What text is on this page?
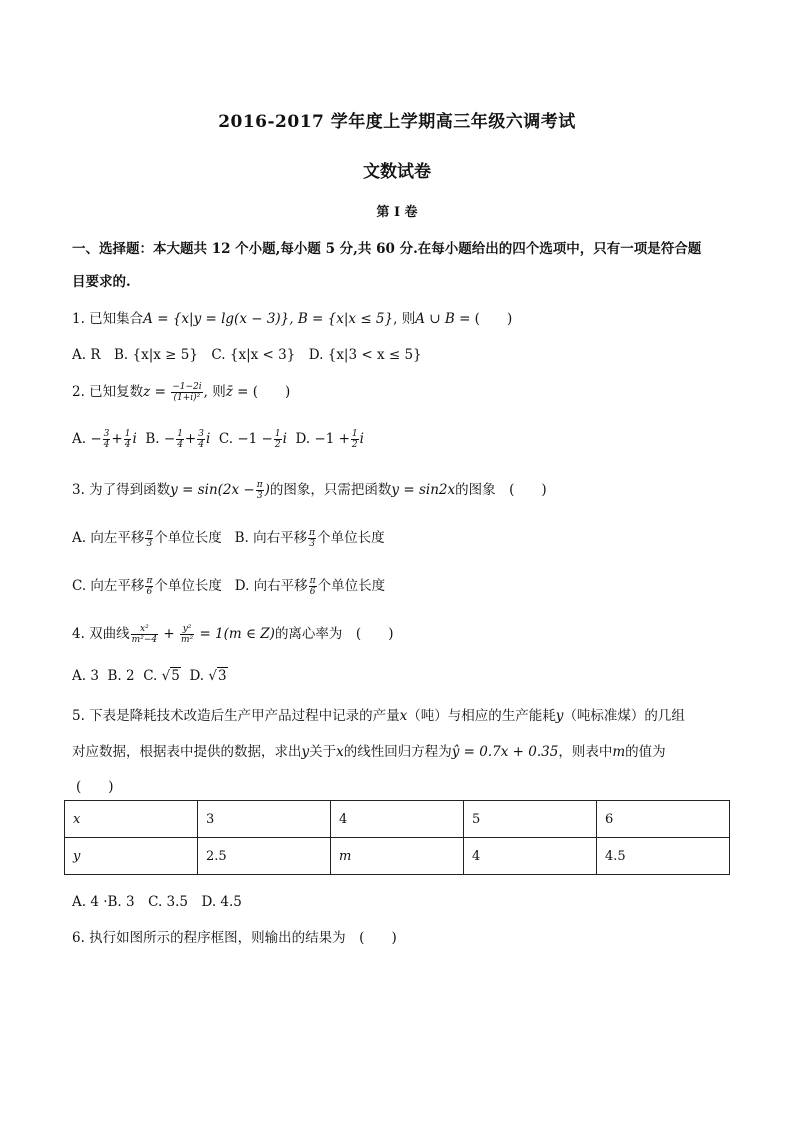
2016-2017 学年度上学期高三年级六调考试
文数试卷
第 I 卷
一、选择题：本大题共 12 个小题,每小题 5 分,共 60 分.在每小题给出的四个选项中，只有一项是符合题
目要求的.
1. 已知集合A = {x|y = lg(x − 3)}, B = {x|x ≤ 5}, 则A ∪ B = (　　)
A. R　B. {x|x ≥ 5}　C. {x|x < 3}　D. {x|3 < x ≤ 5}
2. 已知复数$z = \frac{-1-2i}{\text{(1+i)²}}$ , 则z̄ = (　　)
A. − $\frac{3}{4} + \frac{1}{4}$ i B. − $\frac{1}{4} + \frac{3}{4}$ i C. $-1 - \frac{1}{2}$ i D. $-1 + \frac{1}{2}$ i
3. 为了得到函数$y = \sin(2x - \frac{\pi}{3}$ )的图象，只需把函数y = sin2x的图象　(　　)
A. 向左平移 $\frac{\pi}{3}$ 个单位长度 B. 向右平移 $\frac{\pi}{3}$ 个单位长度
C. 向左平移 $\frac{\pi}{6}$ 个单位长度 D. 向右平移 $\frac{\pi}{6}$ 个单位长度
4. 双曲线 $\frac{\text{x²}}{\text{m²−4}} + \frac{\text{y²}}{\text{m²}} = 1(m$ ∈ Z)的离心率为　(　　)
A. 3 B. 2 C. √5 D. √3
5. 下表是降耗技术改造后生产甲产品过程中记录的产量x（吨）与相应的生产能耗y（吨标准煤）的几组
对应数据，根据表中提供的数据，求出y关于x的线性回归方程为ŷ = 0.7x + 0.35，则表中m的值为
(　　)
x	3	4	5	6
y	2.5	m	4	4.5
A. 4 ·B. 3　C. 3.5　D. 4.5
6. 执行如图所示的程序框图，则输出的结果为　(　　)
